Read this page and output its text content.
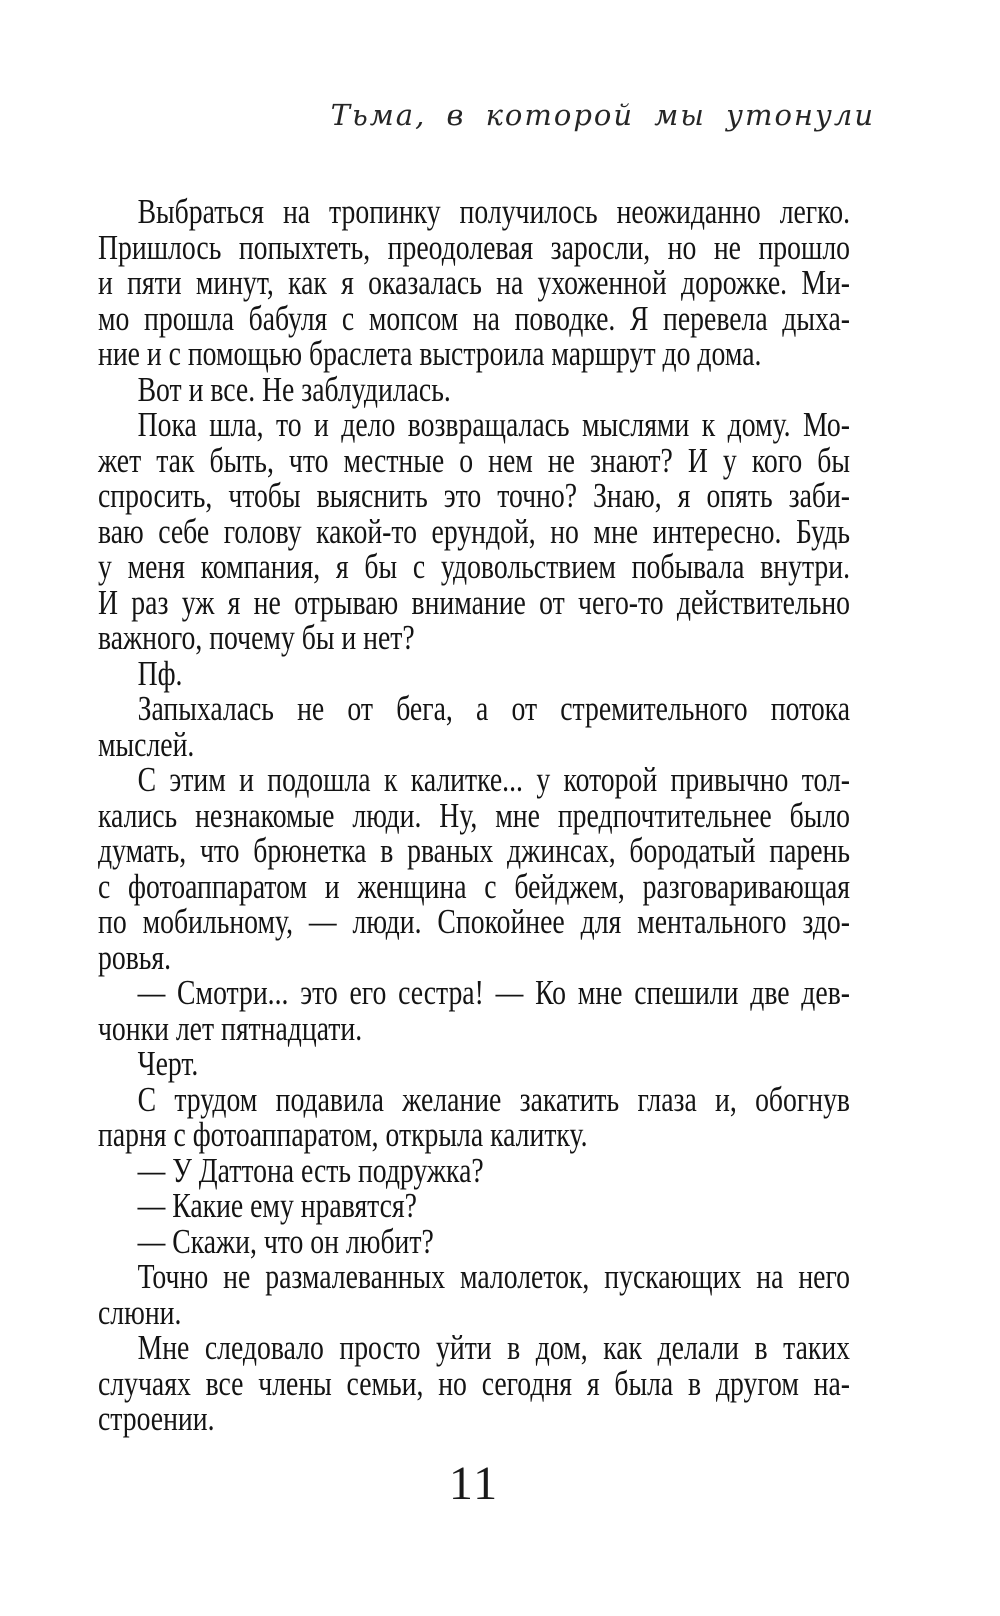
Тьма, в которой мы утонули

Выбраться на тропинку получилось неожиданно легко.
Пришлось попыхтеть, преодолевая заросли, но не прошло
и пяти минут, как я оказалась на ухоженной дорожке. Ми-
мо прошла бабуля с мопсом на поводке. Я перевела дыха-
ние и с помощью браслета выстроила маршрут до дома.

Вот и все. Не заблудилась.

Пока шла, то и дело возвращалась мыслями к дому. Мо-
жет так быть, что местные о нем не знают? И у кого бы
спросить, чтобы выяснить это точно? Знаю, я опять заби-
ваю себе голову какой-то ерундой, но мне интересно. Будь
у меня компания, я бы с удовольствием побывала внутри.
И раз уж я не отрываю внимание от чего-то действительно
важного, почему бы и нет?

Пф.

Запыхалась не от бега, а от стремительного потока
мыслей.

С этим и подошла к калитке... у которой привычно тол-
кались незнакомые люди. Ну, мне предпочтительнее было
думать, что брюнетка в рваных джинсах, бородатый парень
с фотоаппаратом и женщина с бейджем, разговаривающая
по мобильному, — люди. Спокойнее для ментального здо-
ровья.

— Смотри... это его сестра! — Ко мне спешили две дев-
чонки лет пятнадцати.

Черт.

С трудом подавила желание закатить глаза и, обогнув
парня с фотоаппаратом, открыла калитку.

— У Даттона есть подружка?

— Какие ему нравятся?

— Скажи, что он любит?

Точно не размалеванных малолеток, пускающих на него
слюни.

Мне следовало просто уйти в дом, как делали в таких
случаях все члены семьи, но сегодня я была в другом на-
строении.

11
